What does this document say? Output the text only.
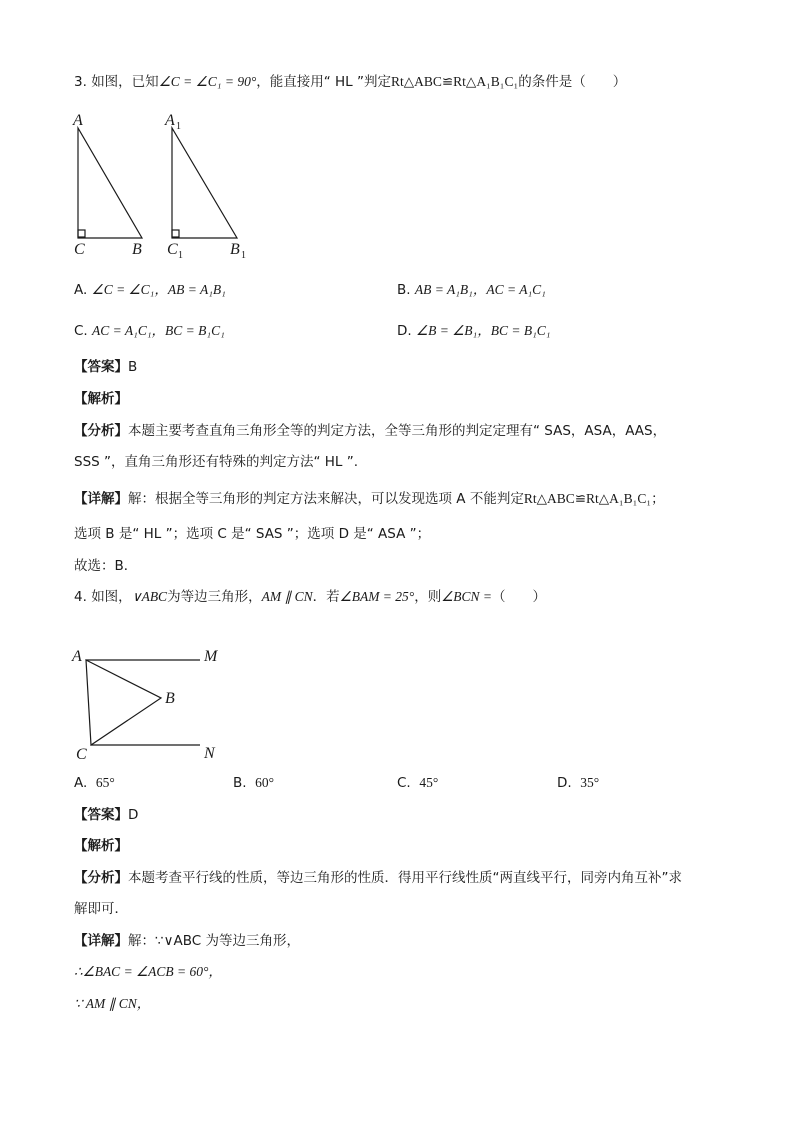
3. 如图，已知∠C = ∠C₁ = 90°，能直接用“ HL ”判定Rt△ABC≌Rt△A₁B₁C₁的条件是（　　）
A
C	B
A 1
C 1	B 1
A. ∠C = ∠C₁，AB = A₁B₁	B. AB = A₁B₁，AC = A₁C₁
C. AC = A₁C₁，BC = B₁C₁	D. ∠B = ∠B₁，BC = B₁C₁
【答案】B
【解析】
【分析】本题主要考查直角三角形全等的判定方法，全等三角形的判定定理有“ SAS，ASA，AAS，
SSS ”，直角三角形还有特殊的判定方法“ HL ”.
【详解】解：根据全等三角形的判定方法来解决，可以发现选项 A 不能判定Rt△ABC≌Rt△A₁B₁C₁；
选项 B 是“ HL ”；选项 C 是“ SAS ”；选项 D 是“ ASA ”；
故选：B．
4. 如图，∨ABC为等边三角形，AM ∥ CN．若∠BAM = 25°，则∠BCN =（　　）
A	M
B
C	N
A. 65°	B. 60°	C. 45°	D. 35°
【答案】D
【解析】
【分析】本题考查平行线的性质，等边三角形的性质．得用平行线性质“两直线平行，同旁内角互补”求
解即可．
【详解】解：∵∨ABC 为等边三角形，
∴∠BAC = ∠ACB = 60°，
∵ AM ∥ CN，
